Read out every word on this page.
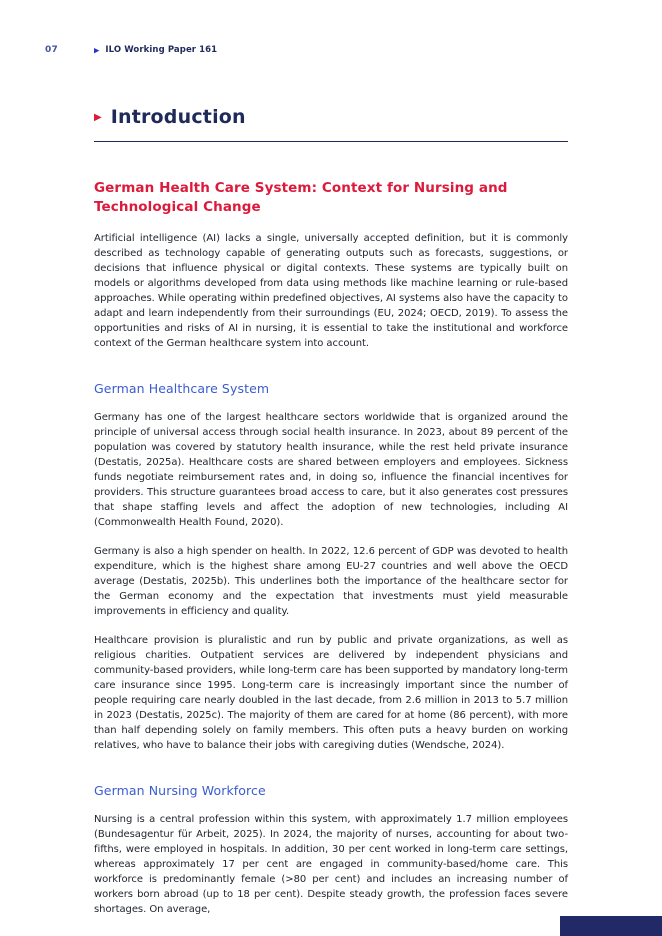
07	▶ ILO Working Paper 161
▶ Introduction
German Health Care System: Context for Nursing and Technological Change

Artificial intelligence (AI) lacks a single, universally accepted definition, but it is commonly described as technology capable of generating outputs such as forecasts, suggestions, or decisions that influence physical or digital contexts. These systems are typically built on models or algorithms developed from data using methods like machine learning or rule-based approaches. While operating within predefined objectives, AI systems also have the capacity to adapt and learn independently from their surroundings (EU, 2024; OECD, 2019). To assess the opportunities and risks of AI in nursing, it is essential to take the institutional and workforce context of the German healthcare system into account.

German Healthcare System

Germany has one of the largest healthcare sectors worldwide that is organized around the principle of universal access through social health insurance. In 2023, about 89 percent of the population was covered by statutory health insurance, while the rest held private insurance (Destatis, 2025a). Healthcare costs are shared between employers and employees. Sickness funds negotiate reimbursement rates and, in doing so, influence the financial incentives for providers. This structure guarantees broad access to care, but it also generates cost pressures that shape staffing levels and affect the adoption of new technologies, including AI (Commonwealth Health Found, 2020).

Germany is also a high spender on health. In 2022, 12.6 percent of GDP was devoted to health expenditure, which is the highest share among EU-27 countries and well above the OECD average (Destatis, 2025b). This underlines both the importance of the healthcare sector for the German economy and the expectation that investments must yield measurable improvements in efficiency and quality.

Healthcare provision is pluralistic and run by public and private organizations, as well as religious charities. Outpatient services are delivered by independent physicians and community-based providers, while long-term care has been supported by mandatory long-term care insurance since 1995. Long-term care is increasingly important since the number of people requiring care nearly doubled in the last decade, from 2.6 million in 2013 to 5.7 million in 2023 (Destatis, 2025c). The majority of them are cared for at home (86 percent), with more than half depending solely on family members. This often puts a heavy burden on working relatives, who have to balance their jobs with caregiving duties (Wendsche, 2024).

German Nursing Workforce

Nursing is a central profession within this system, with approximately 1.7 million employees (Bundesagentur für Arbeit, 2025). In 2024, the majority of nurses, accounting for about two-fifths, were employed in hospitals. In addition, 30 per cent worked in long-term care settings, whereas approximately 17 per cent are engaged in community-based/home care. This workforce is predominantly female (>80 per cent) and includes an increasing number of workers born abroad (up to 18 per cent). Despite steady growth, the profession faces severe shortages. On average,
